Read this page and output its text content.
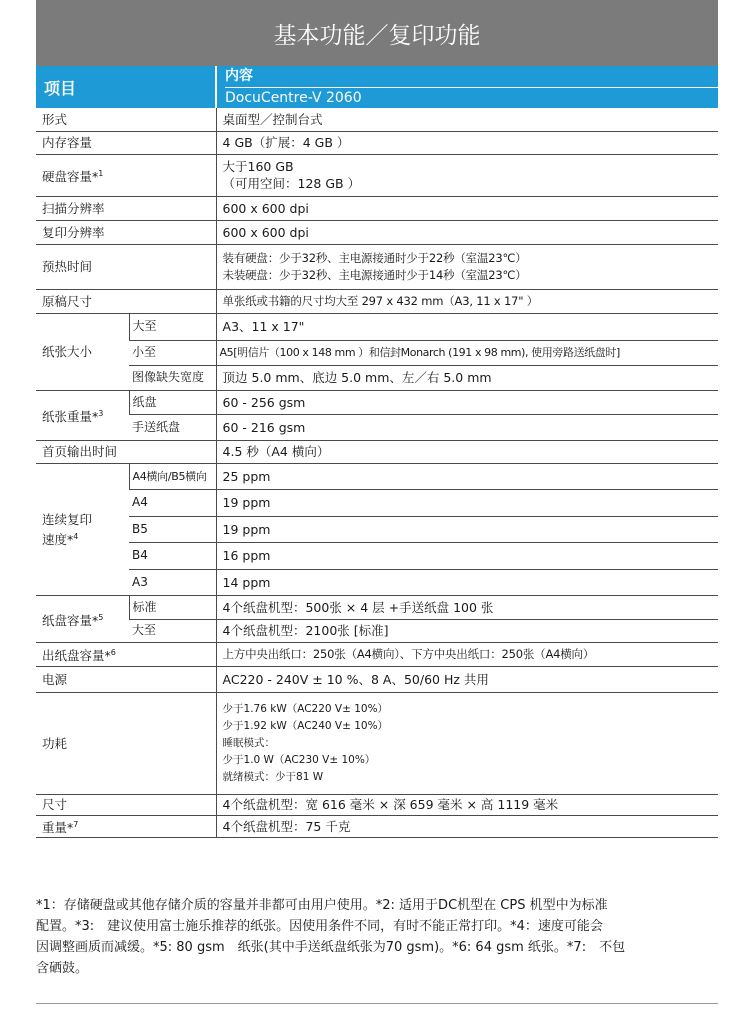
基本功能／复印功能
项目
内容
DocuCentre-V 2060
形式		桌面型／控制台式
内存容量		4 GB（扩展：4 GB ）
硬盘容量*$^1$		大于160 GB
（可用空间：128 GB ）

扫描分辨率		600 x 600 dpi
复印分辨率		600 x 600 dpi
预热时间		装有硬盘：少于32秒、主电源接通时少于22秒（室温23℃）
未装硬盘：少于32秒、主电源接通时少于14秒（室温23℃）

原稿尺寸		单张纸或书籍的尺寸均大至 297 x 432 mm（A3, 11 x 17" ）
纸张大小	大至	A3、11 x 17"
	小至	A5[明信片（100 x 148 mm ）和信封Monarch (191 x 98 mm), 使用旁路送纸盘时]
	图像缺失宽度	顶边 5.0 mm、底边 5.0 mm、左／右 5.0 mm
纸张重量*$^3$	纸盘	60 - 256 gsm
	手送纸盘	60 - 216 gsm
首页输出时间		4.5 秒（A4 横向）

连续复印
速度*$^4$	A4横向/B5横向	25 ppm
	A4	19 ppm
	B5	19 ppm
	B4	16 ppm
	A3	14 ppm
纸盘容量*$^5$	标准	4个纸盘机型：500张 × 4 层 +手送纸盘 100 张
	大至	4个纸盘机型：2100张 [标准]
出纸盘容量*$^6$		上方中央出纸口：250张（A4横向）、下方中央出纸口：250张（A4横向）
电源		AC220 - 240V ± 10 %、8 A、50/60 Hz 共用
功耗		少于1.76 kW（AC220 V± 10%）
少于1.92 kW（AC240 V± 10%）
睡眠模式：
少于1.0 W（AC230 V± 10%）
就绪模式：少于81 W

尺寸		4个纸盘机型：宽 616 毫米 × 深 659 毫米 × 高 1119 毫米
重量*$^7$		4个纸盘机型：75 千克
*1：存储硬盘或其他存储介质的容量并非都可由用户使用。*2: 适用于DC机型在 CPS 机型中为标准
配置。*3:　建议使用富士施乐推荐的纸张。因使用条件不同，有时不能正常打印。*4：速度可能会
因调整画质而减缓。*5: 80 gsm　纸张(其中手送纸盘纸张为70 gsm)。*6: 64 gsm 纸张。*7:　不包
含硒鼓。
